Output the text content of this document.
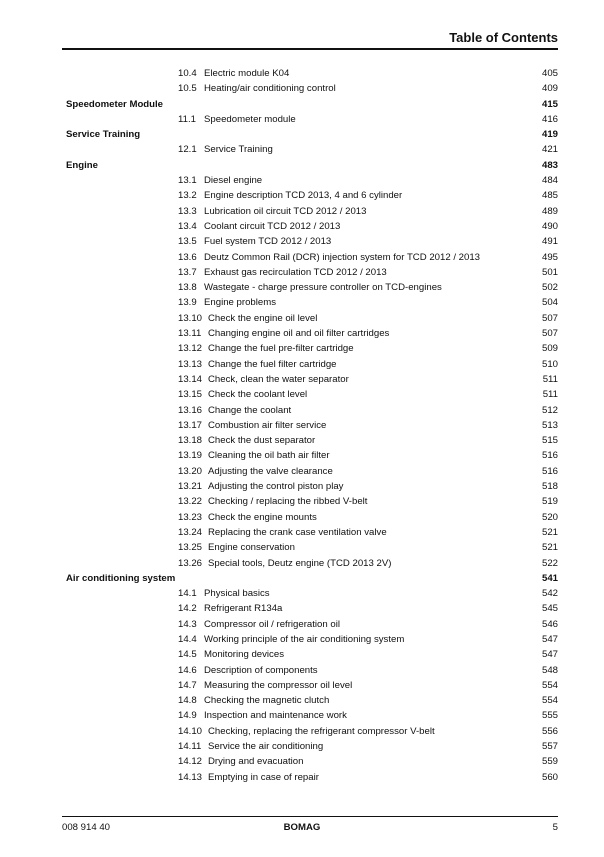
Table of Contents
10.4 Electric module K04	405
10.5 Heating/air conditioning control	409
Speedometer Module	415
11.1 Speedometer module	416
Service Training	419
12.1 Service Training	421
Engine	483
13.1 Diesel engine	484
13.2 Engine description TCD 2013, 4 and 6 cylinder	485
13.3 Lubrication oil circuit TCD 2012 / 2013	489
13.4 Coolant circuit TCD 2012 / 2013	490
13.5 Fuel system TCD 2012 / 2013	491
13.6 Deutz Common Rail (DCR) injection system for TCD 2012 / 2013	495
13.7 Exhaust gas recirculation TCD 2012 / 2013	501
13.8 Wastegate - charge pressure controller on TCD-engines	502
13.9 Engine problems	504
13.10 Check the engine oil level	507
13.11 Changing engine oil and oil filter cartridges	507
13.12 Change the fuel pre-filter cartridge	509
13.13 Change the fuel filter cartridge	510
13.14 Check, clean the water separator	511
13.15 Check the coolant level	511
13.16 Change the coolant	512
13.17 Combustion air filter service	513
13.18 Check the dust separator	515
13.19 Cleaning the oil bath air filter	516
13.20 Adjusting the valve clearance	516
13.21 Adjusting the control piston play	518
13.22 Checking / replacing the ribbed V-belt	519
13.23 Check the engine mounts	520
13.24 Replacing the crank case ventilation valve	521
13.25 Engine conservation	521
13.26 Special tools, Deutz engine (TCD 2013 2V)	522
Air conditioning system	541
14.1 Physical basics	542
14.2 Refrigerant R134a	545
14.3 Compressor oil / refrigeration oil	546
14.4 Working principle of the air conditioning system	547
14.5 Monitoring devices	547
14.6 Description of components	548
14.7 Measuring the compressor oil level	554
14.8 Checking the magnetic clutch	554
14.9 Inspection and maintenance work	555
14.10 Checking, replacing the refrigerant compressor V-belt	556
14.11 Service the air conditioning	557
14.12 Drying and evacuation	559
14.13 Emptying in case of repair	560
008 914 40	BOMAG	5
